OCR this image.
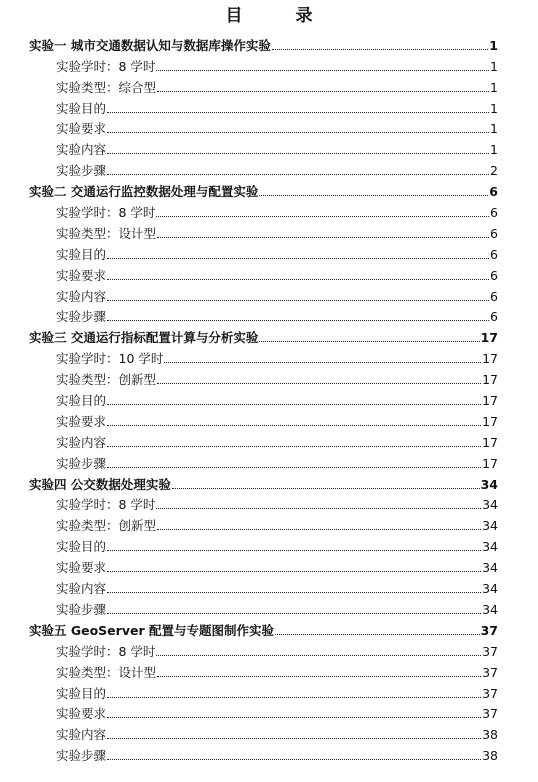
目　录
实验一 城市交通数据认知与数据库操作实验	1
实验学时：8 学时	1
实验类型：综合型	1
实验目的	1
实验要求	1
实验内容	1
实验步骤	2
实验二 交通运行监控数据处理与配置实验	6
实验学时：8 学时	6
实验类型：设计型	6
实验目的	6
实验要求	6
实验内容	6
实验步骤	6
实验三 交通运行指标配置计算与分析实验	17
实验学时：10 学时	17
实验类型：创新型	17
实验目的	17
实验要求	17
实验内容	17
实验步骤	17
实验四 公交数据处理实验	34
实验学时：8 学时	34
实验类型：创新型	34
实验目的	34
实验要求	34
实验内容	34
实验步骤	34
实验五 GeoServer 配置与专题图制作实验	37
实验学时：8 学时	37
实验类型：设计型	37
实验目的	37
实验要求	37
实验内容	38
实验步骤	38
